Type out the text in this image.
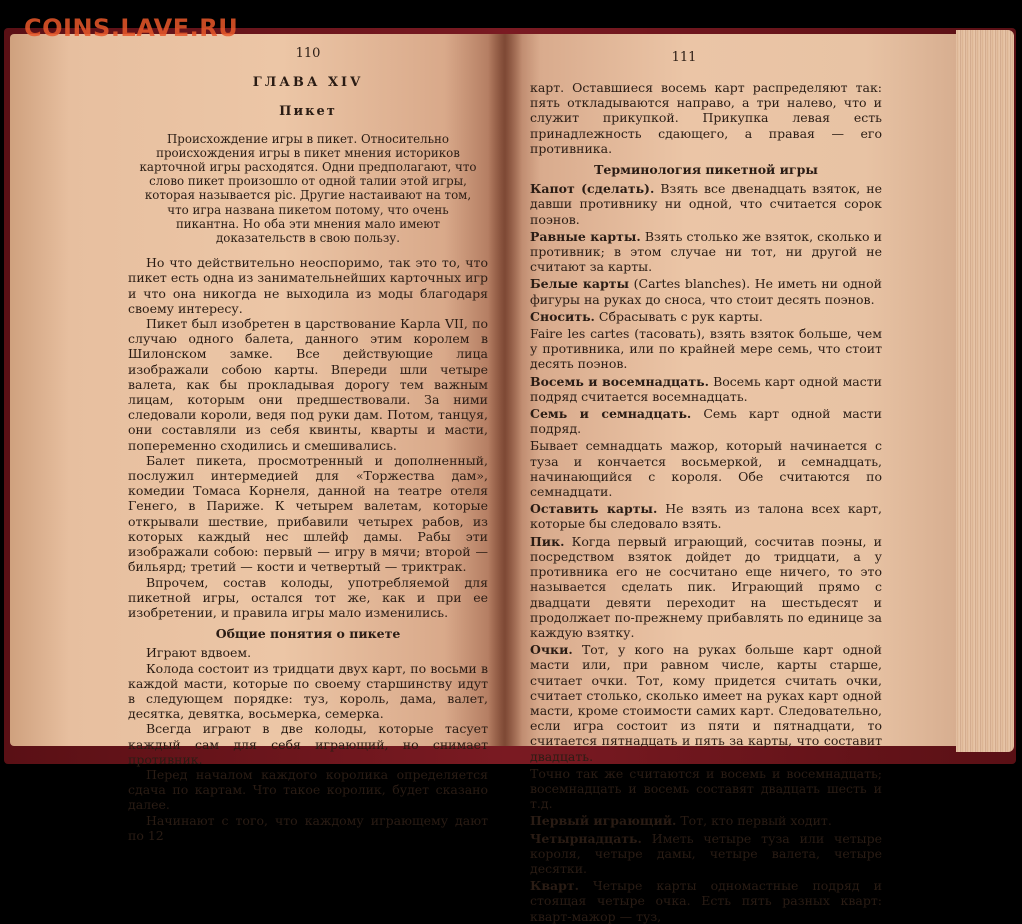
110
ГЛАВА XIV
Пикет
Происхождение игры в пикет. Относительно происхождения игры в пикет мнения историков карточной игры расходятся. Одни предполагают, что слово пикет произошло от одной талии этой игры, которая называется pic. Другие настаивают на том, что игра названа пикетом потому, что очень пикантна. Но оба эти мнения мало имеют доказательств в свою пользу.

Но что действительно неоспоримо, так это то, что пикет есть одна из занимательнейших карточных игр и что она никогда не выходила из моды благодаря своему интересу.

Пикет был изобретен в царствование Карла VII, по случаю одного балета, данного этим королем в Шилонском замке. Все действующие лица изображали собою карты. Впереди шли четыре валета, как бы прокладывая дорогу тем важным лицам, которым они предшествовали. За ними следовали короли, ведя под руки дам. Потом, танцуя, они составляли из себя квинты, кварты и масти, попеременно сходились и смешивались.

Балет пикета, просмотренный и дополненный, послужил интермедией для «Торжества дам», комедии Томаса Корнеля, данной на театре отеля Генего, в Париже. К четырем валетам, которые открывали шествие, прибавили четырех рабов, из которых каждый нес шлейф дамы. Рабы эти изображали собою: первый — игру в мячи; второй — бильярд; третий — кости и четвертый — триктрак.

Впрочем, состав колоды, употребляемой для пикетной игры, остался тот же, как и при ее изобретении, и правила игры мало изменились.

Общие понятия о пикете

Играют вдвоем.

Колода состоит из тридцати двух карт, по восьми в каждой масти, которые по своему старшинству идут в следующем порядке: туз, король, дама, валет, десятка, девятка, восьмерка, семерка.

Всегда играют в две колоды, которые тасует каждый сам для себя играющий, но снимает противник.

Перед началом каждого королика определяется сдача по картам. Что такое королик, будет сказано далее.

Начинают с того, что каждому играющему дают по 12

111

карт. Оставшиеся восемь карт распределяют так: пять откладываются направо, а три налево, что и служит прикупкой. Прикупка левая есть принадлежность сдающего, а правая — его противника.

Терминология пикетной игры

Капот (сделать). Взять все двенадцать взяток, не давши противнику ни одной, что считается сорок поэнов.

Равные карты. Взять столько же взяток, сколько и противник; в этом случае ни тот, ни другой не считают за карты.

Белые карты (Cartes blanches). Не иметь ни одной фигуры на руках до сноса, что стоит десять поэнов.

Сносить. Сбрасывать с рук карты.

Faire les cartes (тасовать), взять взяток больше, чем у противника, или по крайней мере семь, что стоит десять поэнов.

Восемь и восемнадцать. Восемь карт одной масти подряд считается восемнадцать.

Семь и семнадцать. Семь карт одной масти подряд.

Бывает семнадцать мажор, который начинается с туза и кончается восьмеркой, и семнадцать, начинающийся с короля. Обе считаются по семнадцати.

Оставить карты. Не взять из талона всех карт, которые бы следовало взять.

Пик. Когда первый играющий, сосчитав поэны, и посредством взяток дойдет до тридцати, а у противника его не сосчитано еще ничего, то это называется сделать пик. Играющий прямо с двадцати девяти переходит на шестьдесят и продолжает по-прежнему прибавлять по единице за каждую взятку.

Очки. Тот, у кого на руках больше карт одной масти или, при равном числе, карты старше, считает очки. Тот, кому придется считать очки, считает столько, сколько имеет на руках карт одной масти, кроме стоимости самих карт. Следовательно, если игра состоит из пяти и пятнадцати, то считается пятнадцать и пять за карты, что составит двадцать.

Точно так же считаются и восемь и восемнадцать; восемнадцать и восемь составят двадцать шесть и т.д.

Первый играющий. Тот, кто первый ходит.

Четырнадцать. Иметь четыре туза или четыре короля, четыре дамы, четыре валета, четыре десятки.

Кварт. Четыре карты одномастные подряд и стоящая четыре очка. Есть пять разных кварт: кварт-мажор — туз,

COINS.LAVE.RU
